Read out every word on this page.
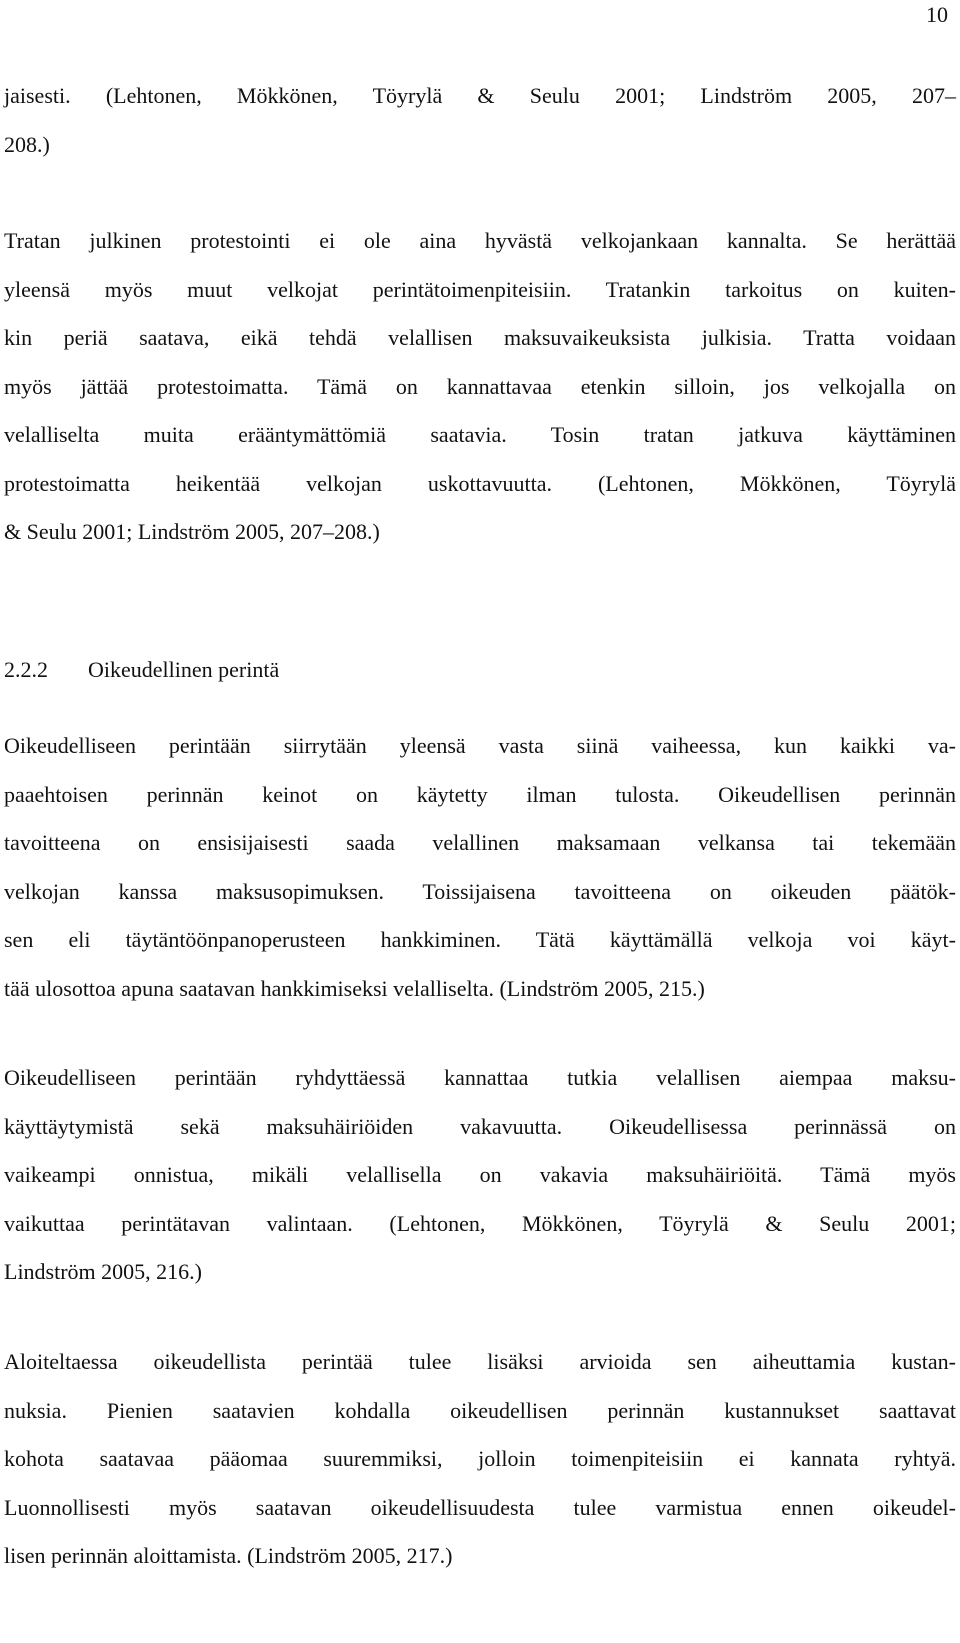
10
jaisesti. (Lehtonen, Mökkönen, Töyrylä & Seulu 2001; Lindström 2005, 207–
208.)
Tratan julkinen protestointi ei ole aina hyvästä velkojankaan kannalta. Se herättää
yleensä myös muut velkojat perintätoimenpiteisiin. Tratankin tarkoitus on kuiten-
kin periä saatava, eikä tehdä velallisen maksuvaikeuksista julkisia. Tratta voidaan
myös jättää protestoimatta. Tämä on kannattavaa etenkin silloin, jos velkojalla on
velalliselta muita erääntymättömiä saatavia. Tosin tratan jatkuva käyttäminen
protestoimatta heikentää velkojan uskottavuutta. (Lehtonen, Mökkönen, Töyrylä
& Seulu 2001; Lindström 2005, 207–208.)
2.2.2 Oikeudellinen perintä
Oikeudelliseen perintään siirrytään yleensä vasta siinä vaiheessa, kun kaikki va-
paaehtoisen perinnän keinot on käytetty ilman tulosta. Oikeudellisen perinnän
tavoitteena on ensisijaisesti saada velallinen maksamaan velkansa tai tekemään
velkojan kanssa maksusopimuksen. Toissijaisena tavoitteena on oikeuden päätök-
sen eli täytäntöönpanoperusteen hankkiminen. Tätä käyttämällä velkoja voi käyt-
tää ulosottoa apuna saatavan hankkimiseksi velalliselta. (Lindström 2005, 215.)
Oikeudelliseen perintään ryhdyttäessä kannattaa tutkia velallisen aiempaa maksu-
käyttäytymistä sekä maksuhäiriöiden vakavuutta. Oikeudellisessa perinnässä on
vaikeampi onnistua, mikäli velallisella on vakavia maksuhäiriöitä. Tämä myös
vaikuttaa perintätavan valintaan. (Lehtonen, Mökkönen, Töyrylä & Seulu 2001;
Lindström 2005, 216.)
Aloiteltaessa oikeudellista perintää tulee lisäksi arvioida sen aiheuttamia kustan-
nuksia. Pienien saatavien kohdalla oikeudellisen perinnän kustannukset saattavat
kohota saatavaa pääomaa suuremmiksi, jolloin toimenpiteisiin ei kannata ryhtyä.
Luonnollisesti myös saatavan oikeudellisuudesta tulee varmistua ennen oikeudel-
lisen perinnän aloittamista. (Lindström 2005, 217.)
